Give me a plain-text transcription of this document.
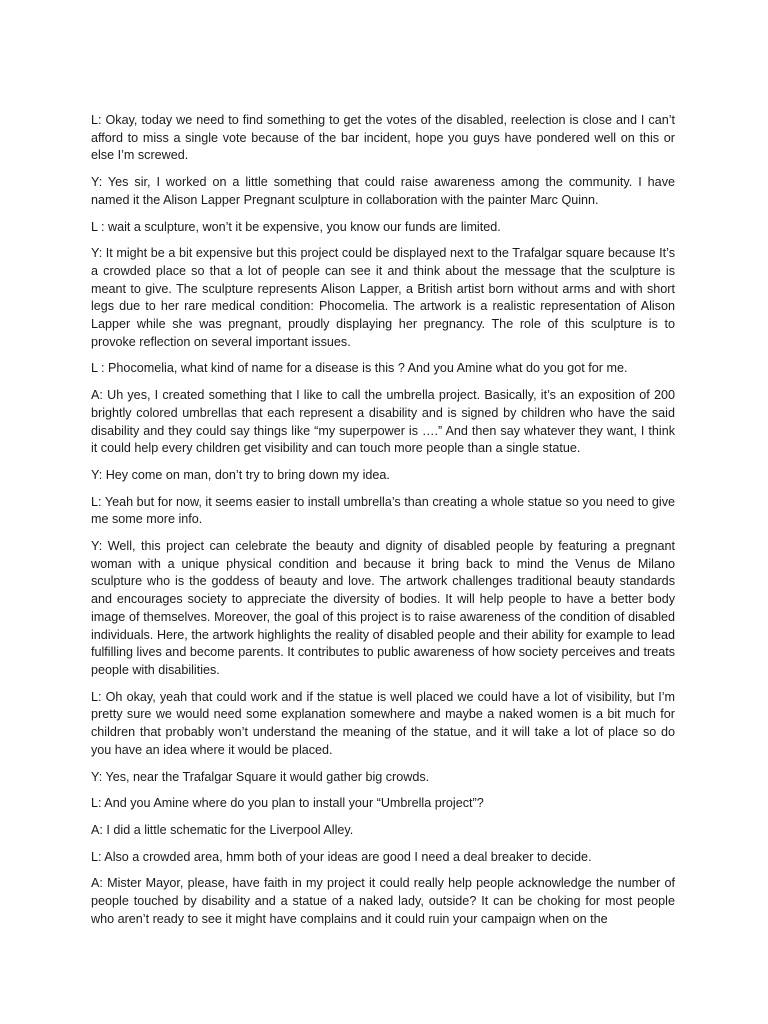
L: Okay, today we need to find something to get the votes of the disabled, reelection is close and I can’t afford to miss a single vote because of the bar incident, hope you guys have pondered well on this or else I’m screwed.

Y: Yes sir, I worked on a little something that could raise awareness among the community. I have named it the Alison Lapper Pregnant sculpture in collaboration with the painter Marc Quinn.

L : wait a sculpture, won’t it be expensive, you know our funds are limited.

Y: It might be a bit expensive but this project could be displayed next to the Trafalgar square because It’s a crowded place so that a lot of people can see it and think about the message that the sculpture is meant to give. The sculpture represents Alison Lapper, a British artist born without arms and with short legs due to her rare medical condition: Phocomelia. The artwork is a realistic representation of Alison Lapper while she was pregnant, proudly displaying her pregnancy. The role of this sculpture is to provoke reflection on several important issues.

L : Phocomelia, what kind of name for a disease is this ? And you Amine what do you got for me.

A: Uh yes, I created something that I like to call the umbrella project. Basically, it’s an exposition of 200 brightly colored umbrellas that each represent a disability and is signed by children who have the said disability and they could say things like “my superpower is ….” And then say whatever they want, I think it could help every children get visibility and can touch more people than a single statue.

Y: Hey come on man, don’t try to bring down my idea.

L: Yeah but for now, it seems easier to install umbrella’s than creating a whole statue so you need to give me some more info.

Y: Well, this project can celebrate the beauty and dignity of disabled people by featuring a pregnant woman with a unique physical condition and because it bring back to mind the Venus de Milano sculpture who is the goddess of beauty and love. The artwork challenges traditional beauty standards and encourages society to appreciate the diversity of bodies. It will help people to have a better body image of themselves. Moreover, the goal of this project is to raise awareness of the condition of disabled individuals. Here, the artwork highlights the reality of disabled people and their ability for example to lead fulfilling lives and become parents. It contributes to public awareness of how society perceives and treats people with disabilities.

L: Oh okay, yeah that could work and if the statue is well placed we could have a lot of visibility, but I’m pretty sure we would need some explanation somewhere and maybe a naked women is a bit much for children that probably won’t understand the meaning of the statue, and it will take a lot of place so do you have an idea where it would be placed.

Y: Yes, near the Trafalgar Square it would gather big crowds.

L: And you Amine where do you plan to install your “Umbrella project”?

A: I did a little schematic for the Liverpool Alley.

L: Also a crowded area, hmm both of your ideas are good I need a deal breaker to decide.

A: Mister Mayor, please, have faith in my project it could really help people acknowledge the number of people touched by disability and a statue of a naked lady, outside? It can be choking for most people who aren’t ready to see it might have complains and it could ruin your campaign when on the
